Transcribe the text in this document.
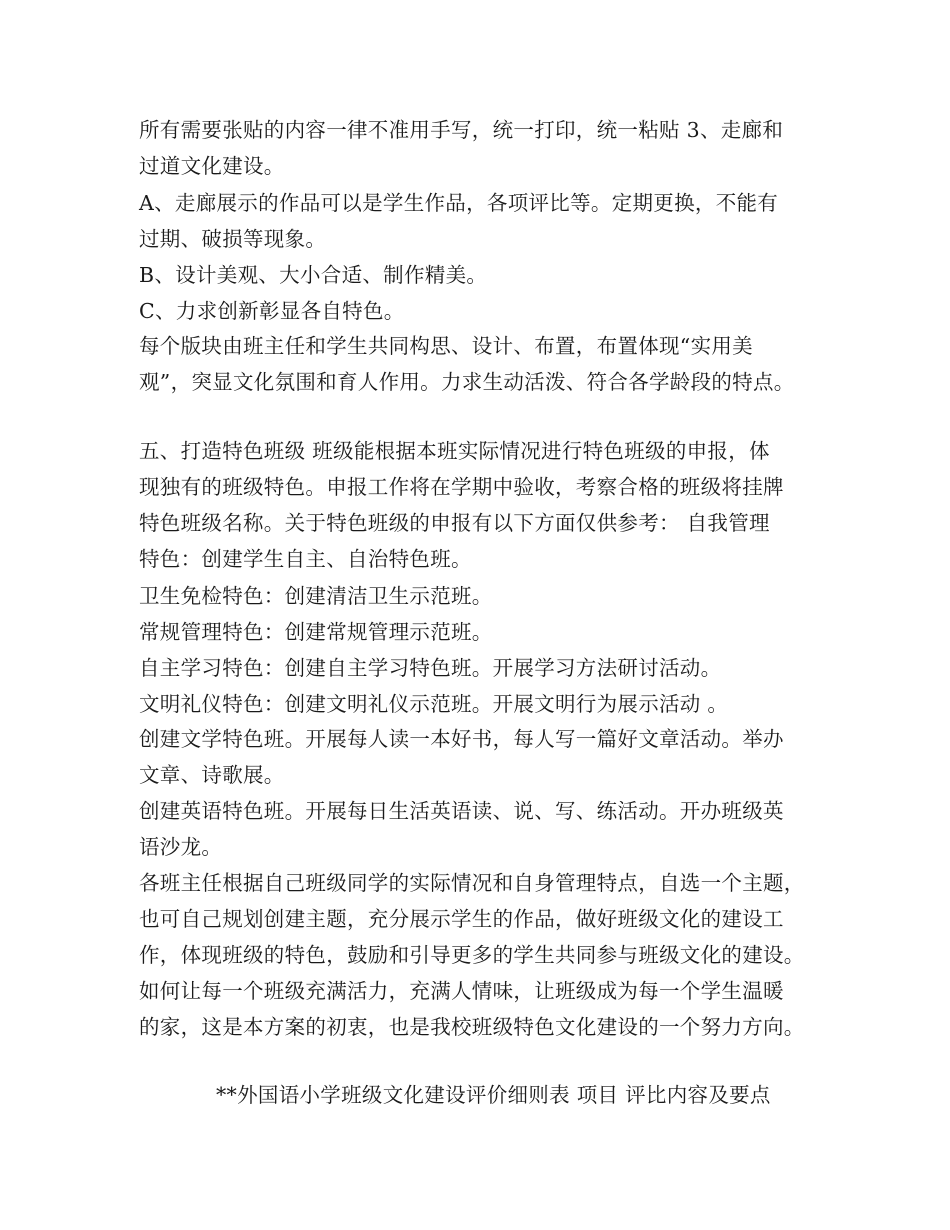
所有需要张贴的内容一律不准用手写，统一打印，统一粘贴 3、走廊和
过道文化建设。
A、走廊展示的作品可以是学生作品，各项评比等。定期更换，不能有
过期、破损等现象。
B、设计美观、大小合适、制作精美。
C、力求创新彰显各自特色。
每个版块由班主任和学生共同构思、设计、布置，布置体现“实用美
观”，突显文化氛围和育人作用。力求生动活泼、符合各学龄段的特点。
五、打造特色班级 班级能根据本班实际情况进行特色班级的申报，体
现独有的班级特色。申报工作将在学期中验收，考察合格的班级将挂牌
特色班级名称。关于特色班级的申报有以下方面仅供参考： 自我管理
特色：创建学生自主、自治特色班。
卫生免检特色：创建清洁卫生示范班。
常规管理特色：创建常规管理示范班。
自主学习特色：创建自主学习特色班。开展学习方法研讨活动。
文明礼仪特色：创建文明礼仪示范班。开展文明行为展示活动 。
创建文学特色班。开展每人读一本好书，每人写一篇好文章活动。举办
文章、诗歌展。
创建英语特色班。开展每日生活英语读、说、写、练活动。开办班级英
语沙龙。
各班主任根据自己班级同学的实际情况和自身管理特点，自选一个主题，
也可自己规划创建主题，充分展示学生的作品，做好班级文化的建设工
作，体现班级的特色，鼓励和引导更多的学生共同参与班级文化的建设。
如何让每一个班级充满活力，充满人情味，让班级成为每一个学生温暖
的家，这是本方案的初衷，也是我校班级特色文化建设的一个努力方向。
**外国语小学班级文化建设评价细则表 项目 评比内容及要点
